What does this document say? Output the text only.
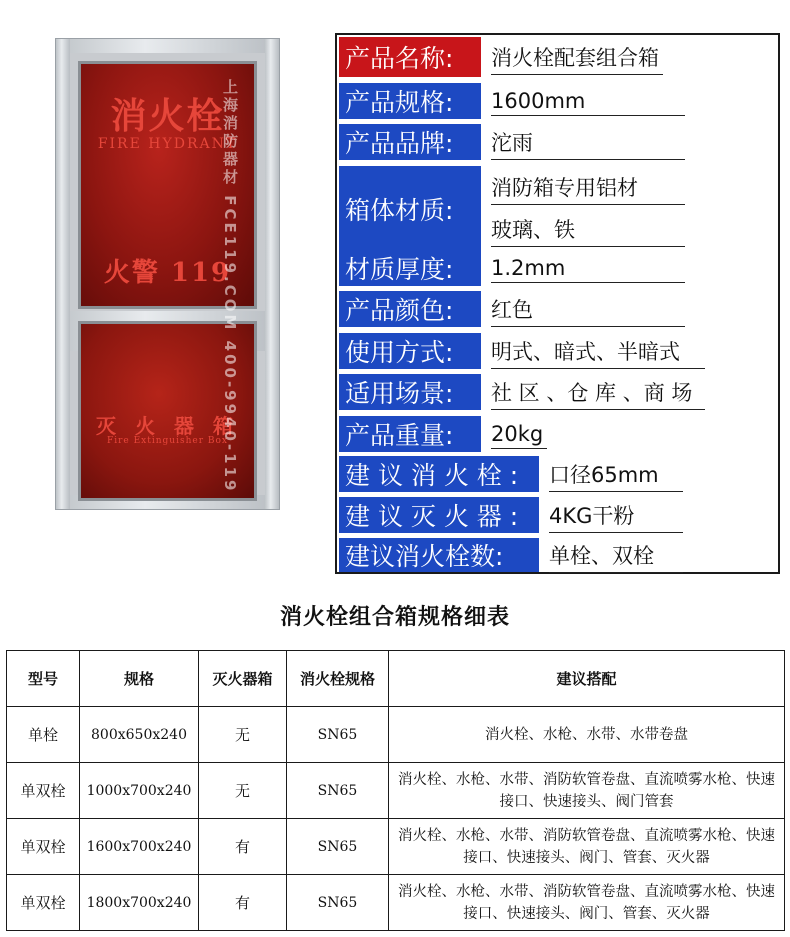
消火栓
FIRE HYDRANT
火警 119
灭 火 器 箱
Fire Extinguisher Box
上海消防器材 FCE119.COM 400-9940-119
产品名称:	消火栓配套组合箱
产品规格:	1600mm
产品品牌:	沱雨
箱体材质:
消防箱专用铝材
玻璃、铁
材质厚度:	1.2mm
产品颜色:	红色
使用方式:	明式、暗式、半暗式
适用场景:	社 区 、仓 库 、商 场
产品重量:	20kg
建 议 消 火 栓 :	口径65mm
建 议 灭 火 器 :	4KG干粉
建议消火栓数:	单栓、双栓
消火栓组合箱规格细表
型号	规格	灭火器箱	消火栓规格	建议搭配
单栓	800x650x240	无	SN65	消火栓、水枪、水带、水带卷盘
单双栓	1000x700x240	无	SN65	消火栓、水枪、水带、消防软管卷盘、直流喷雾水枪、快速接口、快速接头、阀门管套
单双栓	1600x700x240	有	SN65	消火栓、水枪、水带、消防软管卷盘、直流喷雾水枪、快速接口、快速接头、阀门、管套、灭火器
单双栓	1800x700x240	有	SN65	消火栓、水枪、水带、消防软管卷盘、直流喷雾水枪、快速接口、快速接头、阀门、管套、灭火器
